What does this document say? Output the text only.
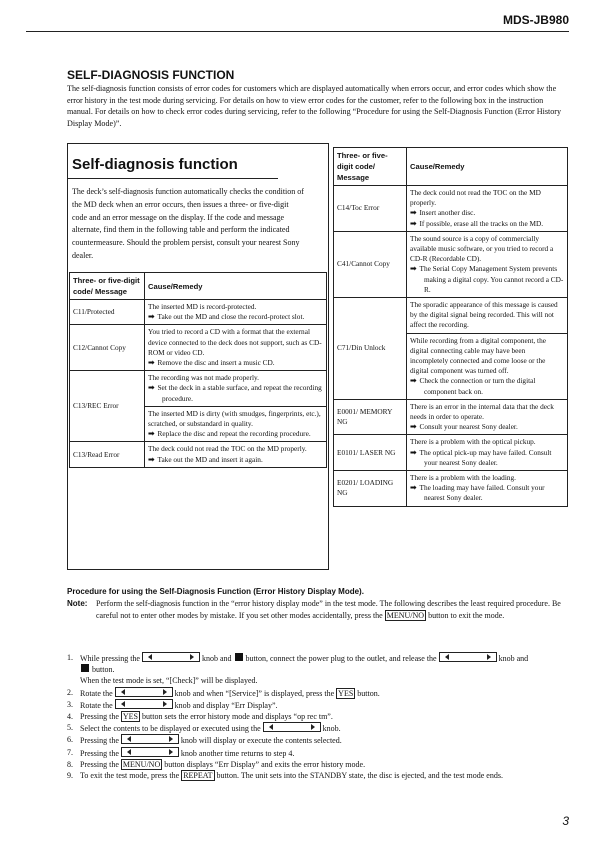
MDS-JB980
SELF-DIAGNOSIS FUNCTION
The self-diagnosis function consists of error codes for customers which are displayed automatically when errors occur, and error codes which show the error history in the test mode during servicing. For details on how to view error codes for the customer, refer to the following box in the instruction manual. For details on how to check error codes during servicing, refer to the following “Procedure for using the Self-Diagnosis Function (Error History Display Mode)”.
Self-diagnosis function
The deck’s self-diagnosis function automatically checks the condition of the MD deck when an error occurs, then issues a three- or five-digit code and an error message on the display. If the code and message alternate, find them in the following table and perform the indicated countermeasure. Should the problem persist, consult your nearest Sony dealer.
Three- or five-digit code/ Message	Cause/Remedy
C11/Protected	The inserted MD is record-protected.
➡ Take out the MD and close the record-protect slot.

C12/Cannot Copy	You tried to record a CD with a format that the external device connected to the deck does not support, such as CD-ROM or video CD.
➡ Remove the disc and insert a music CD.

C13/REC Error	The recording was not made properly.
➡ Set the deck in a stable surface, and repeat the recording procedure.
The inserted MD is dirty (with smudges, fingerprints, etc.), scratched, or substandard in quality.
➡ Replace the disc and repeat the recording procedure.

C13/Read Error	The deck could not read the TOC on the MD properly.
➡ Take out the MD and insert it again.
Three- or five-digit code/ Message	Cause/Remedy
C14/Toc Error	The deck could not read the TOC on the MD properly.
➡ Insert another disc.
➡ If possible, erase all the tracks on the MD.

C41/Cannot Copy	The sound source is a copy of commercially available music software, or you tried to record a CD-R (Recordable CD).
➡ The Serial Copy Management System prevents making a digital copy. You cannot record a CD-R.

C71/Din Unlock	The sporadic appearance of this message is caused by the digital signal being recorded. This will not affect the recording.
While recording from a digital component, the digital connecting cable may have been incompletely connected and come loose or the digital component was turned off.
➡ Check the connection or turn the digital component back on.

E0001/ MEMORY NG	There is an error in the internal data that the deck needs in order to operate.
➡ Consult your nearest Sony dealer.

E0101/ LASER NG	There is a problem with the optical pickup.
➡ The optical pick-up may have failed. Consult your nearest Sony dealer.

E0201/ LOADING NG	There is a problem with the loading.
➡ The loading may have failed. Consult your nearest Sony dealer.
Procedure for using the Self-Diagnosis Function (Error History Display Mode).
Note: Perform the self-diagnosis function in the “error history display mode” in the test mode. The following describes the least required procedure. Be careful not to enter other modes by mistake. If you set other modes accidentally, press the MENU/NO button to exit the mode.
1. While pressing the	knob and button, connect the power plug to the outlet, and release the	knob and
button.
When the test mode is set, “[Check]” will be displayed.
2. Rotate the	knob and when “[Service]” is displayed, press the YES button.
3. Rotate the	knob and display “Err Display”.
4. Pressing the YES button sets the error history mode and displays “op rec tm”.
5. Select the contents to be displayed or executed using the	knob.
6. Pressing the	knob will display or execute the contents selected.
7. Pressing the	knob another time returns to step 4.
8. Pressing the MENU/NO button displays “Err Display” and exits the error history mode.
9. To exit the test mode, press the REPEAT button. The unit sets into the STANDBY state, the disc is ejected, and the test mode ends.
3
